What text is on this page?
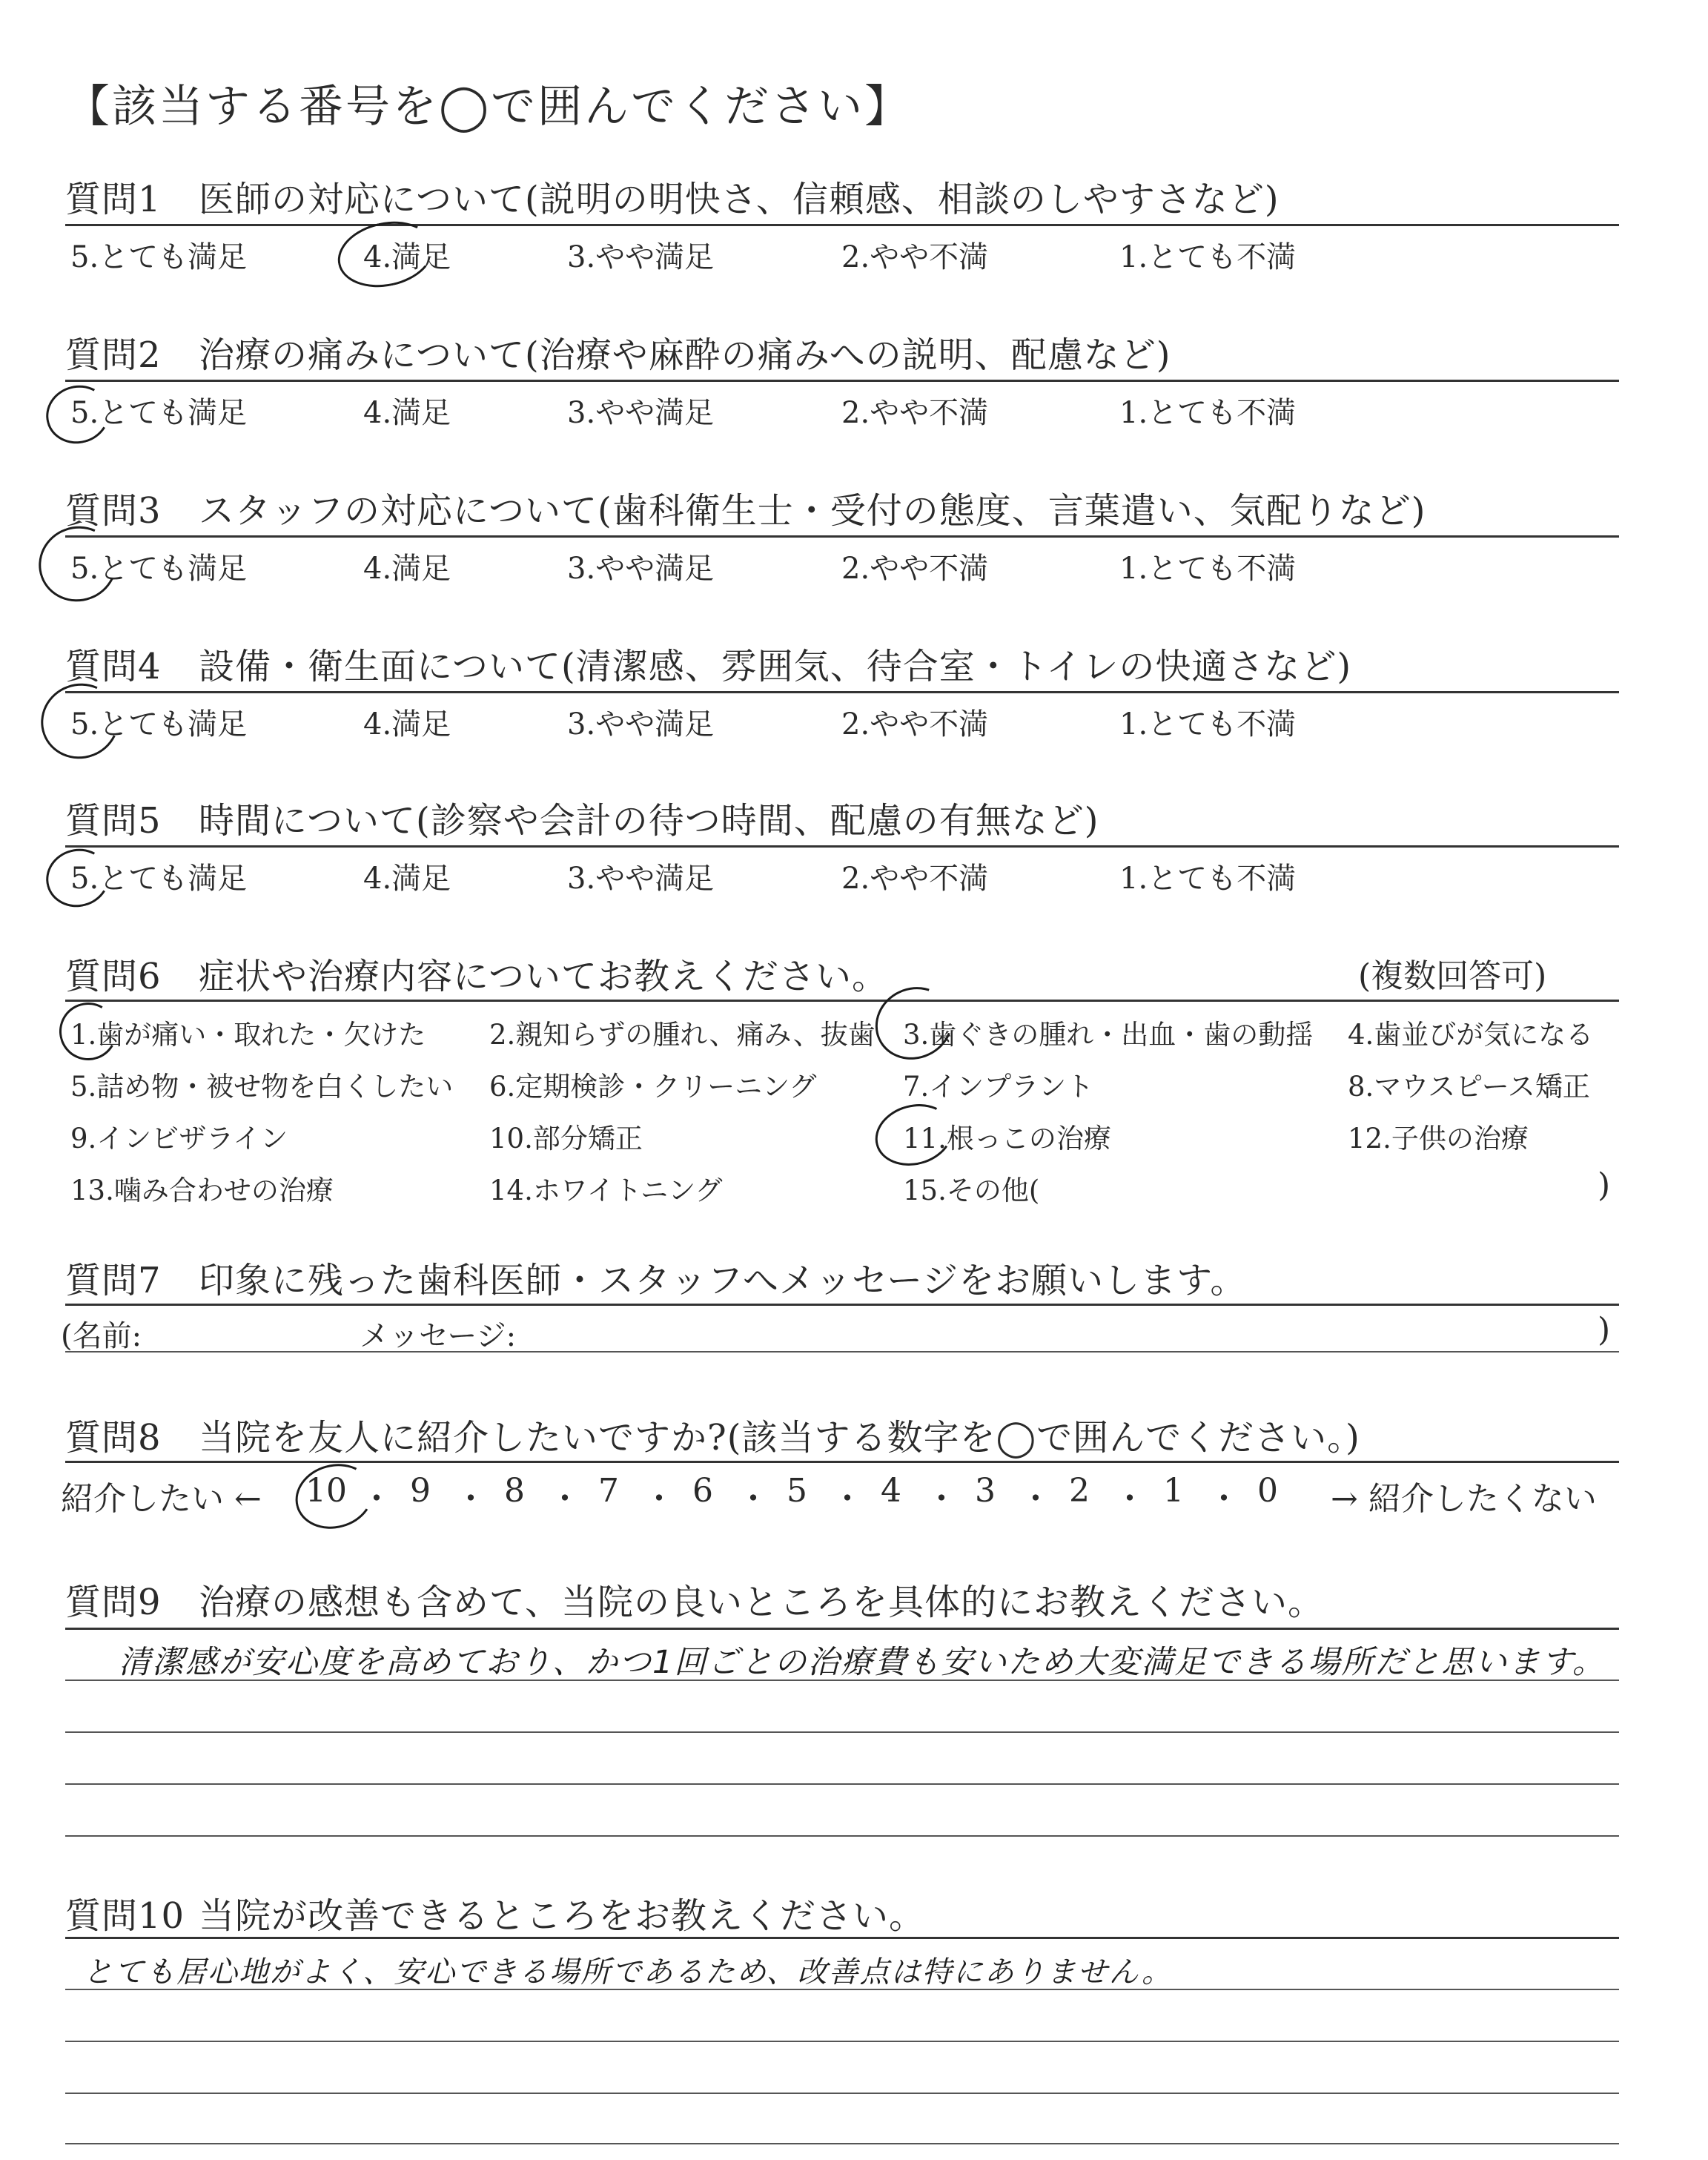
【該当する番号を◯で囲んでください】
質問1 医師の対応について(説明の明快さ、信頼感、相談のしやすさなど)
5.とても満足	4.満足	3.やや満足	2.やや不満	1.とても不満
質問2 治療の痛みについて(治療や麻酔の痛みへの説明、配慮など)
5.とても満足	4.満足	3.やや満足	2.やや不満	1.とても不満
質問3 スタッフの対応について(歯科衛生士・受付の態度、言葉遣い、気配りなど)
5.とても満足	4.満足	3.やや満足	2.やや不満	1.とても不満
質問4 設備・衛生面について(清潔感、雰囲気、待合室・トイレの快適さなど)
5.とても満足	4.満足	3.やや満足	2.やや不満	1.とても不満
質問5 時間について(診察や会計の待つ時間、配慮の有無など)
5.とても満足	4.満足	3.やや満足	2.やや不満	1.とても不満
質問6 症状や治療内容についてお教えください。	(複数回答可)
1.歯が痛い・取れた・欠けた 2.親知らずの腫れ、痛み、抜歯 3.歯ぐきの腫れ・出血・歯の動揺 4.歯並びが気になる
5.詰め物・被せ物を白くしたい 6.定期検診・クリーニング	7.インプラント	8.マウスピース矯正
9.インビザライン	10.部分矯正	11.根っこの治療	12.子供の治療
13.噛み合わせの治療	14.ホワイトニング	15.その他(	)
質問7 印象に残った歯科医師・スタッフへメッセージをお願いします。
(名前:	メッセージ:	)
質問8 当院を友人に紹介したいですか?(該当する数字を◯で囲んでください。)
紹介したい ← 10 ・ 9 ・ 8 ・ 7 ・ 6 ・ 5 ・ 4 ・ 3 ・ 2 ・ 1 ・ 0 → 紹介したくない
質問9 治療の感想も含めて、当院の良いところを具体的にお教えください。
清潔感が安心度を高めており、かつ1回ごとの治療費も安いため大変満足できる場所だと思います。
質問10 当院が改善できるところをお教えください。
とても居心地がよく、安心できる場所であるため、改善点は特にありません。
